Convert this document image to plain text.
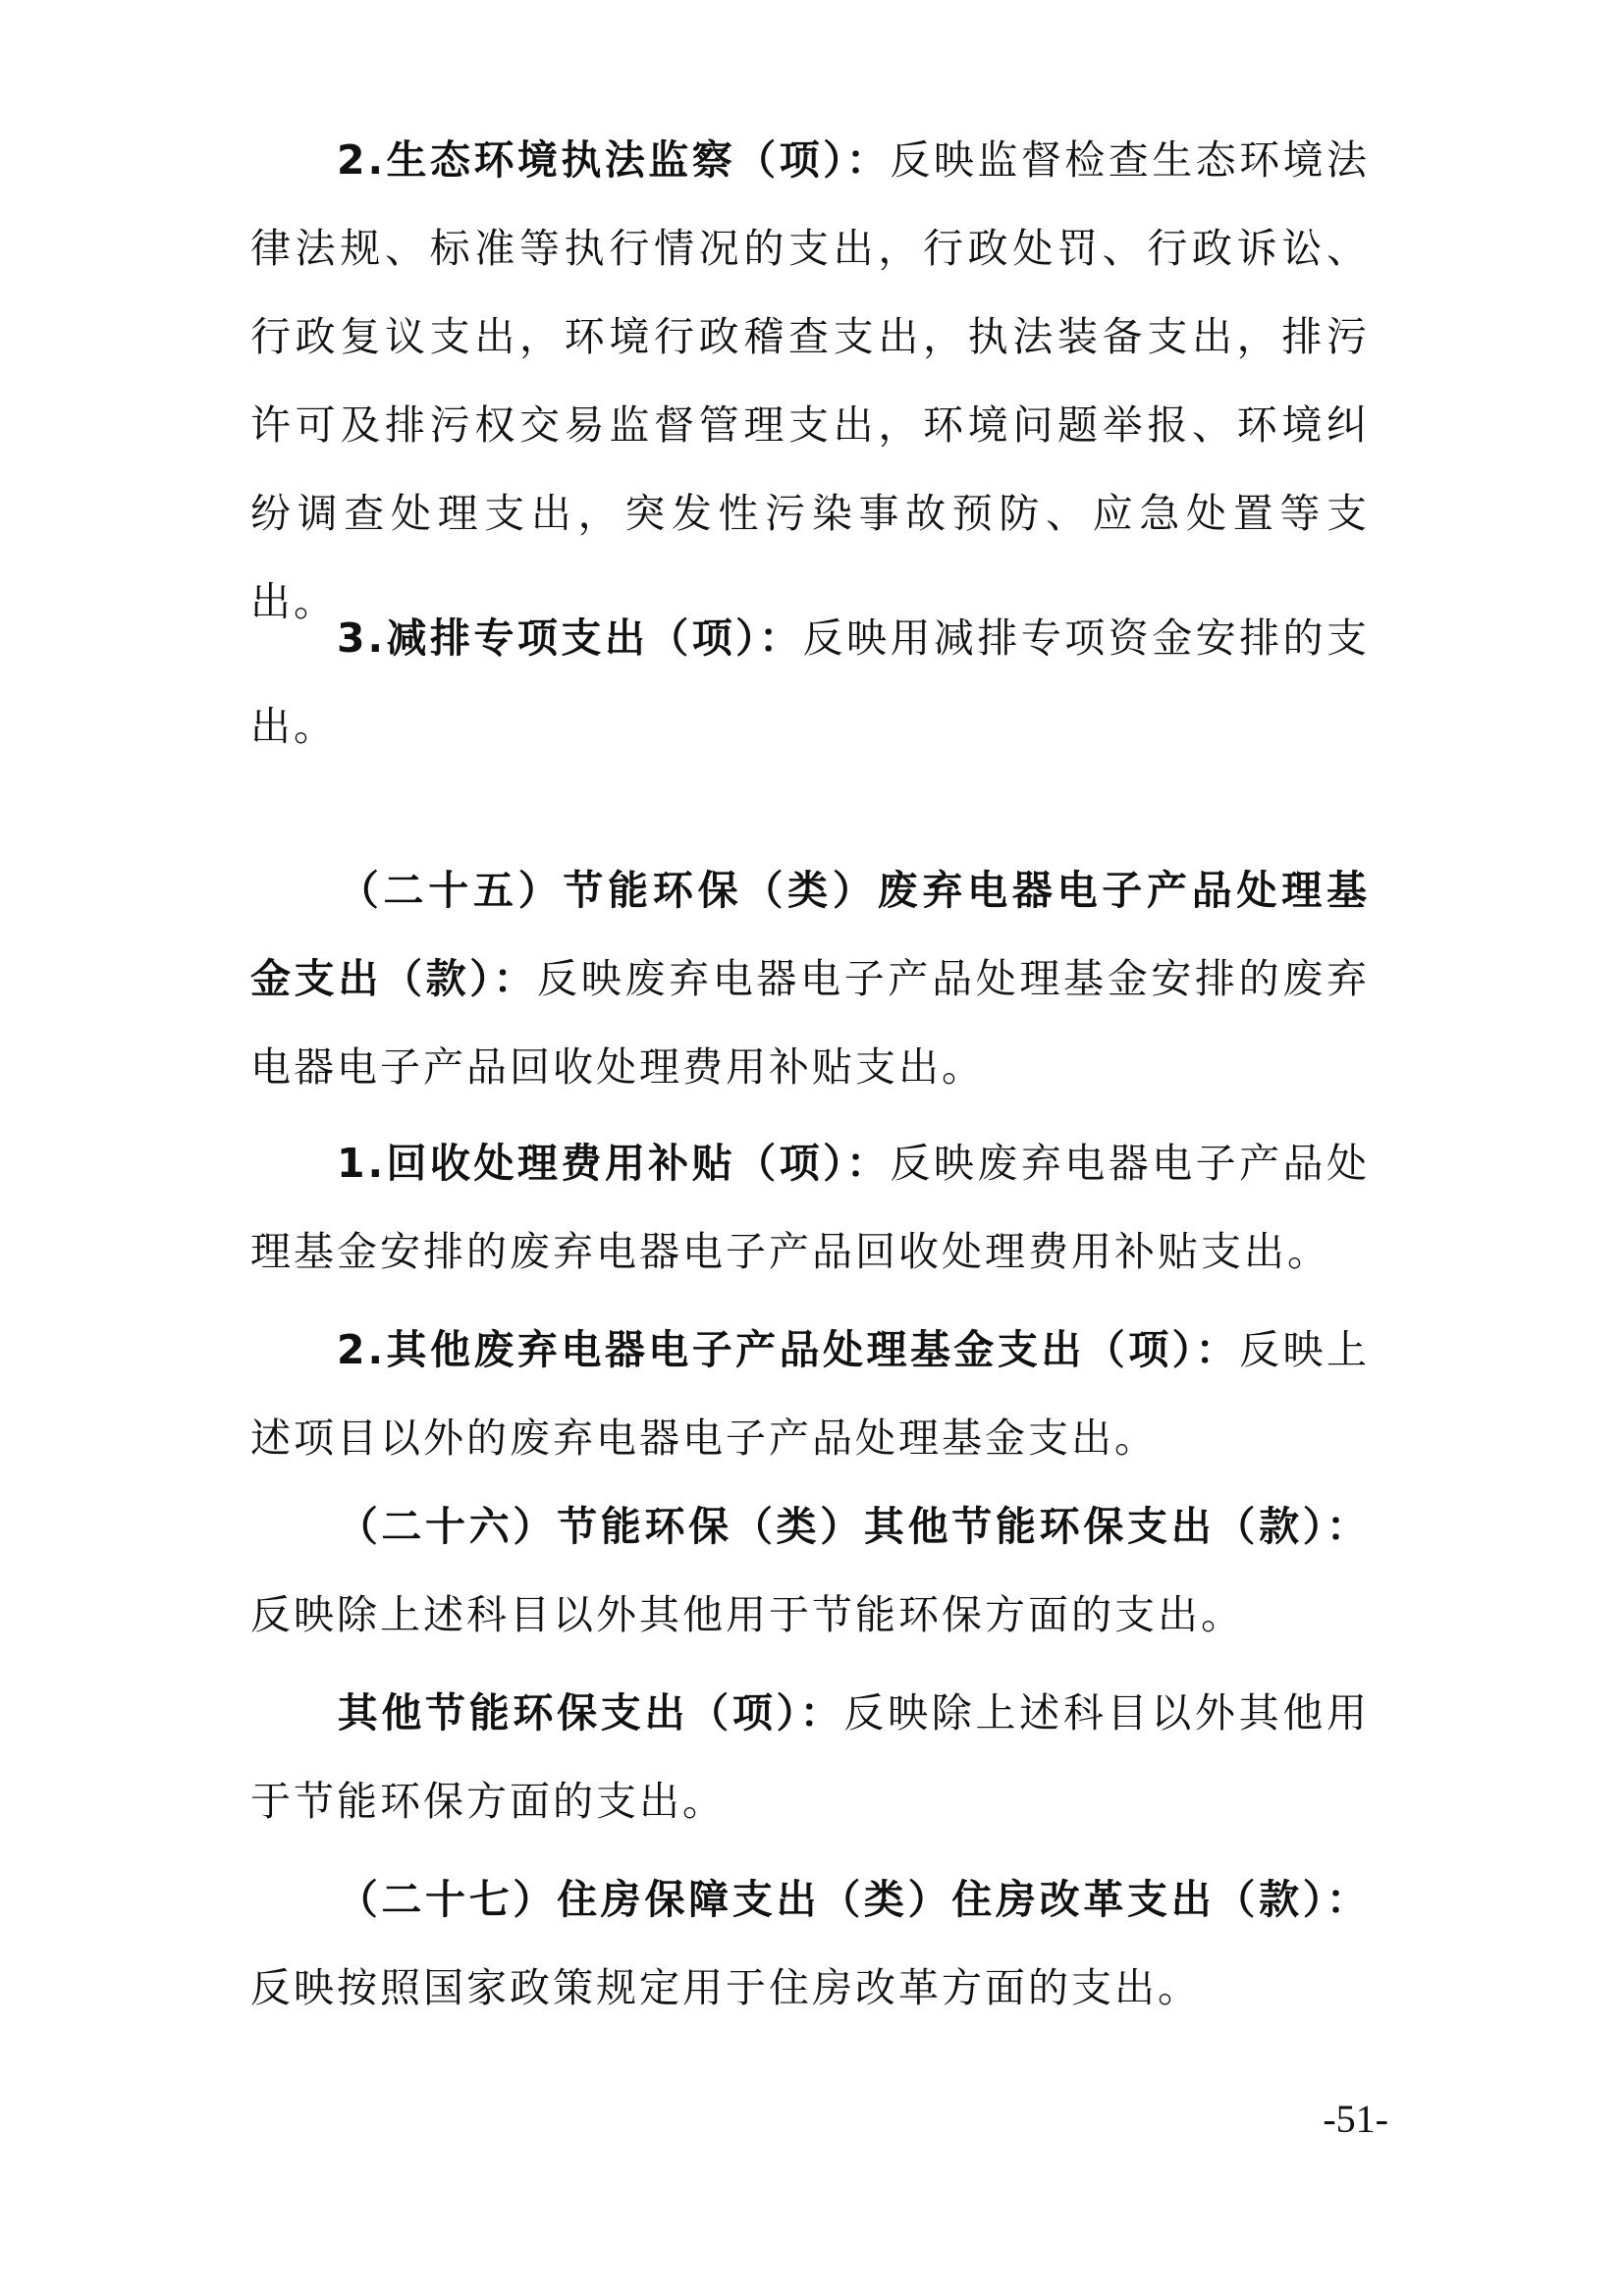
2.生态环境执法监察（项）：反映监督检查生态环境法律法规、标准等执行情况的支出，行政处罚、行政诉讼、行政复议支出，环境行政稽查支出，执法装备支出，排污许可及排污权交易监督管理支出，环境问题举报、环境纠纷调查处理支出，突发性污染事故预防、应急处置等支出。
3.减排专项支出（项）：反映用减排专项资金安排的支出。
（二十五）节能环保（类）废弃电器电子产品处理基金支出（款）：反映废弃电器电子产品处理基金安排的废弃电器电子产品回收处理费用补贴支出。
1.回收处理费用补贴（项）：反映废弃电器电子产品处理基金安排的废弃电器电子产品回收处理费用补贴支出。
2.其他废弃电器电子产品处理基金支出（项）：反映上述项目以外的废弃电器电子产品处理基金支出。
（二十六）节能环保（类）其他节能环保支出（款）：反映除上述科目以外其他用于节能环保方面的支出。
其他节能环保支出（项）：反映除上述科目以外其他用于节能环保方面的支出。
（二十七）住房保障支出（类）住房改革支出（款）：反映按照国家政策规定用于住房改革方面的支出。
-51-
